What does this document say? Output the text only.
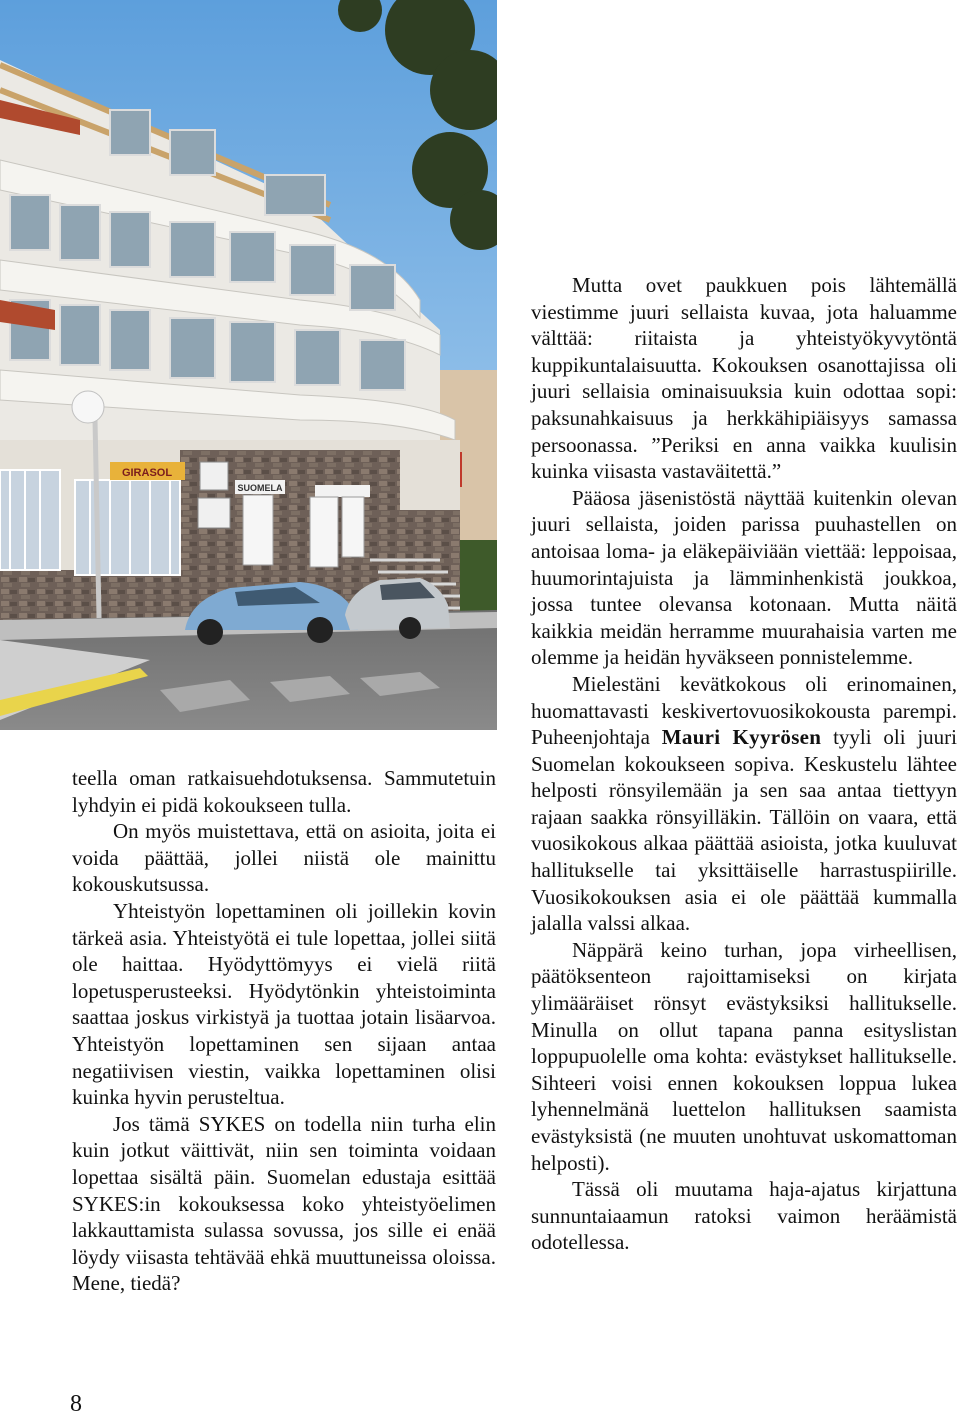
GIRASOL
SUOMELA

teella oman ratkaisuehdotuksensa. Sammutetuin lyhdyin ei pidä kokoukseen tulla.

On myös muistettava, että on asioita, joita ei voida päättää, jollei niistä ole mainittu kokouskutsussa.

Yhteistyön lopettaminen oli joillekin kovin tärkeä asia. Yhteistyötä ei tule lopettaa, jollei siitä ole haittaa. Hyödyttömyys ei vielä riitä lopetusperusteeksi. Hyödytönkin yhteistoiminta saattaa joskus virkistyä ja tuottaa jotain lisäarvoa. Yhteistyön lopettaminen sen sijaan antaa negatiivisen viestin, vaikka lopettaminen olisi kuinka hyvin perusteltua.

Jos tämä SYKES on todella niin turha elin kuin jotkut väittivät, niin sen toiminta voidaan lopettaa sisältä päin. Suomelan edustaja esittää SYKES:in kokouksessa koko yhteistyöelimen lakkauttamista sulassa sovussa, jos sille ei enää löydy viisasta tehtävää ehkä muuttuneissa oloissa. Mene, tiedä?

Mutta ovet paukkuen pois lähtemällä viestimme juuri sellaista kuvaa, jota haluamme välttää: riitaista ja yhteistyökyvytöntä kuppikuntalaisuutta. Kokouksen osanottajissa oli juuri sellaisia ominaisuuksia kuin odottaa sopi: paksunahkaisuus ja herkkähipiäisyys samassa persoonassa. ”Periksi en anna vaikka kuulisin kuinka viisasta vastaväitettä.”

Pääosa jäsenistöstä näyttää kuitenkin olevan juuri sellaista, joiden parissa puuhastellen on antoisaa loma- ja eläkepäiviään viettää: leppoisaa, huumorintajuista ja lämminhenkistä joukkoa, jossa tuntee olevansa kotonaan. Mutta näitä kaikkia meidän herramme muurahaisia varten me olemme ja heidän hyväkseen ponnistelemme.

Mielestäni kevätkokous oli erinomainen, huomattavasti keskivertovuosikokousta parempi. Puheenjohtaja Mauri Kyyrösen tyyli oli juuri Suomelan kokoukseen sopiva. Keskustelu lähtee helposti rönsyilemään ja sen saa antaa tiettyyn rajaan saakka rönsyilläkin. Tällöin on vaara, että vuosikokous alkaa päättää asioista, jotka kuuluvat hallitukselle tai yksittäiselle harrastuspiirille. Vuosikokouksen asia ei ole päättää kummalla jalalla valssi alkaa.

Näppärä keino turhan, jopa virheellisen, päätöksenteon rajoittamiseksi on kirjata ylimääräiset rönsyt evästyksiksi hallitukselle. Minulla on ollut tapana panna esityslistan loppupuolelle oma kohta: evästykset hallitukselle. Sihteeri voisi ennen kokouksen loppua lukea lyhennelmänä luettelon hallituksen saamista evästyksistä (ne muuten unohtuvat uskomattoman helposti).

Tässä oli muutama haja-ajatus kirjattuna sunnuntaiaamun ratoksi vaimon heräämistä odotellessa.

8
